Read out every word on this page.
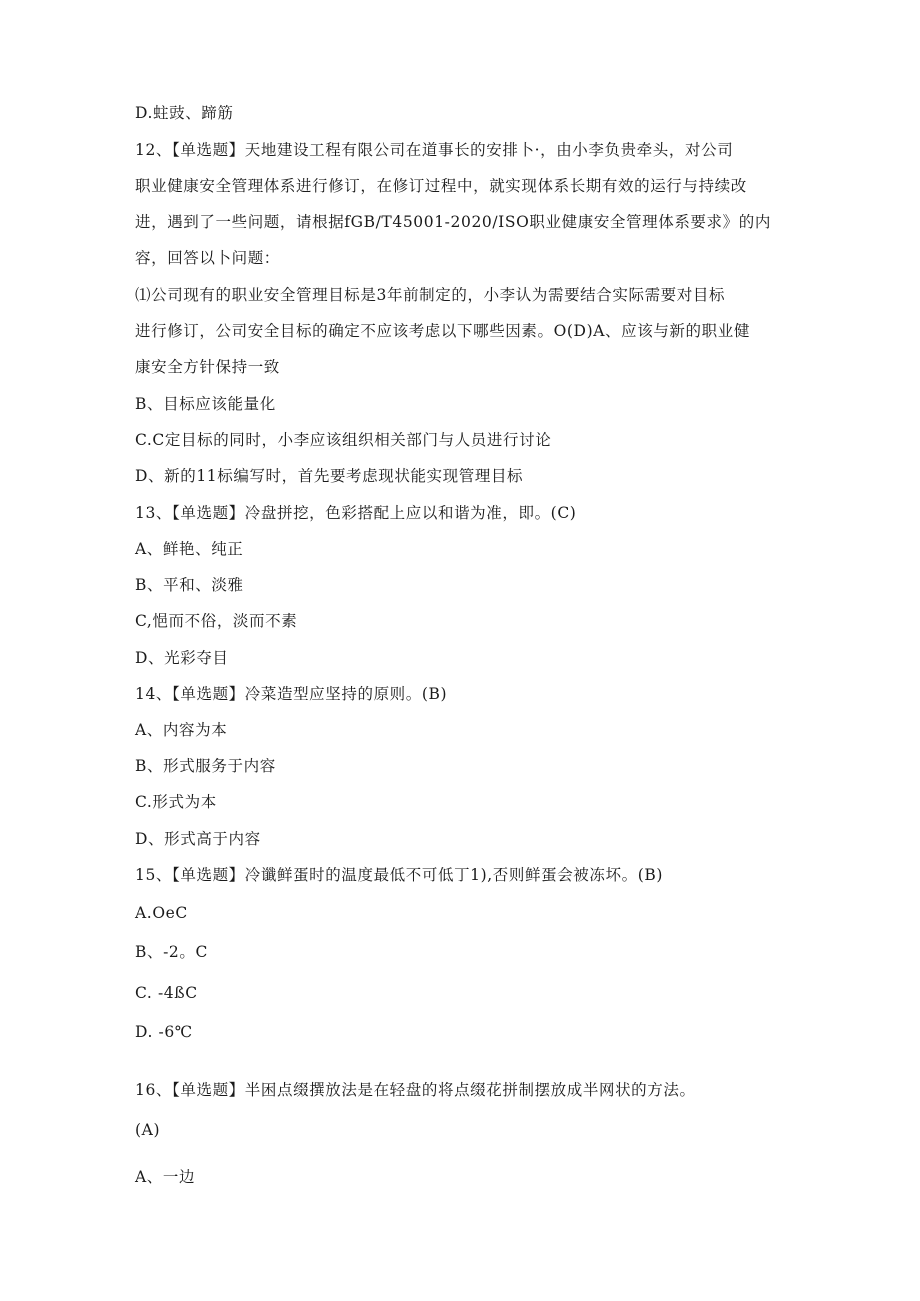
D.蛀豉、蹄筋
12、【单选题】天地建设工程有限公司在道事长的安排卜·，由小李负贵牵头，对公司
职业健康安全管理体系进行修订，在修订过程中，就实现体系长期有效的运行与持续改
进，遇到了一些问题，请根据fGB∕T45001-2020∕ISO职业健康安全管理体系要求》的内
容，回答以卜问题：
⑴公司现有的职业安全管理目标是3年前制定的，小李认为需要结合实际需要对目标
进行修订，公司安全目标的确定不应该考虑以下哪些因素。O(D)A、应该与新的职业健
康安全方针保持一致
B、目标应该能量化
C.C定目标的同时，小李应该组织相关部门与人员进行讨论
D、新的11标编写时，首先要考虑现状能实现管理目标
13、【单选题】冷盘拼挖，色彩搭配上应以和谐为准，即。(C)
A、鲜艳、纯正
B、平和、淡雅
C,悒而不俗，淡而不素
D、光彩夺目
14、【单选题】冷菜造型应坚持的原则。(B)
A、内容为本
B、形式服务于内容
C.形式为本
D、形式高于内容
15、【单选题】冷谶鲜蛋时的温度最低不可低丁1),否则鲜蛋会被冻坏。(B)
A.OeC
B、-2。C
C. -4ßC
D. -6℃
16、【单选题】半困点缀撰放法是在轻盘的将点缀花拼制摆放成半网状的方法。
(A)
A、一边
